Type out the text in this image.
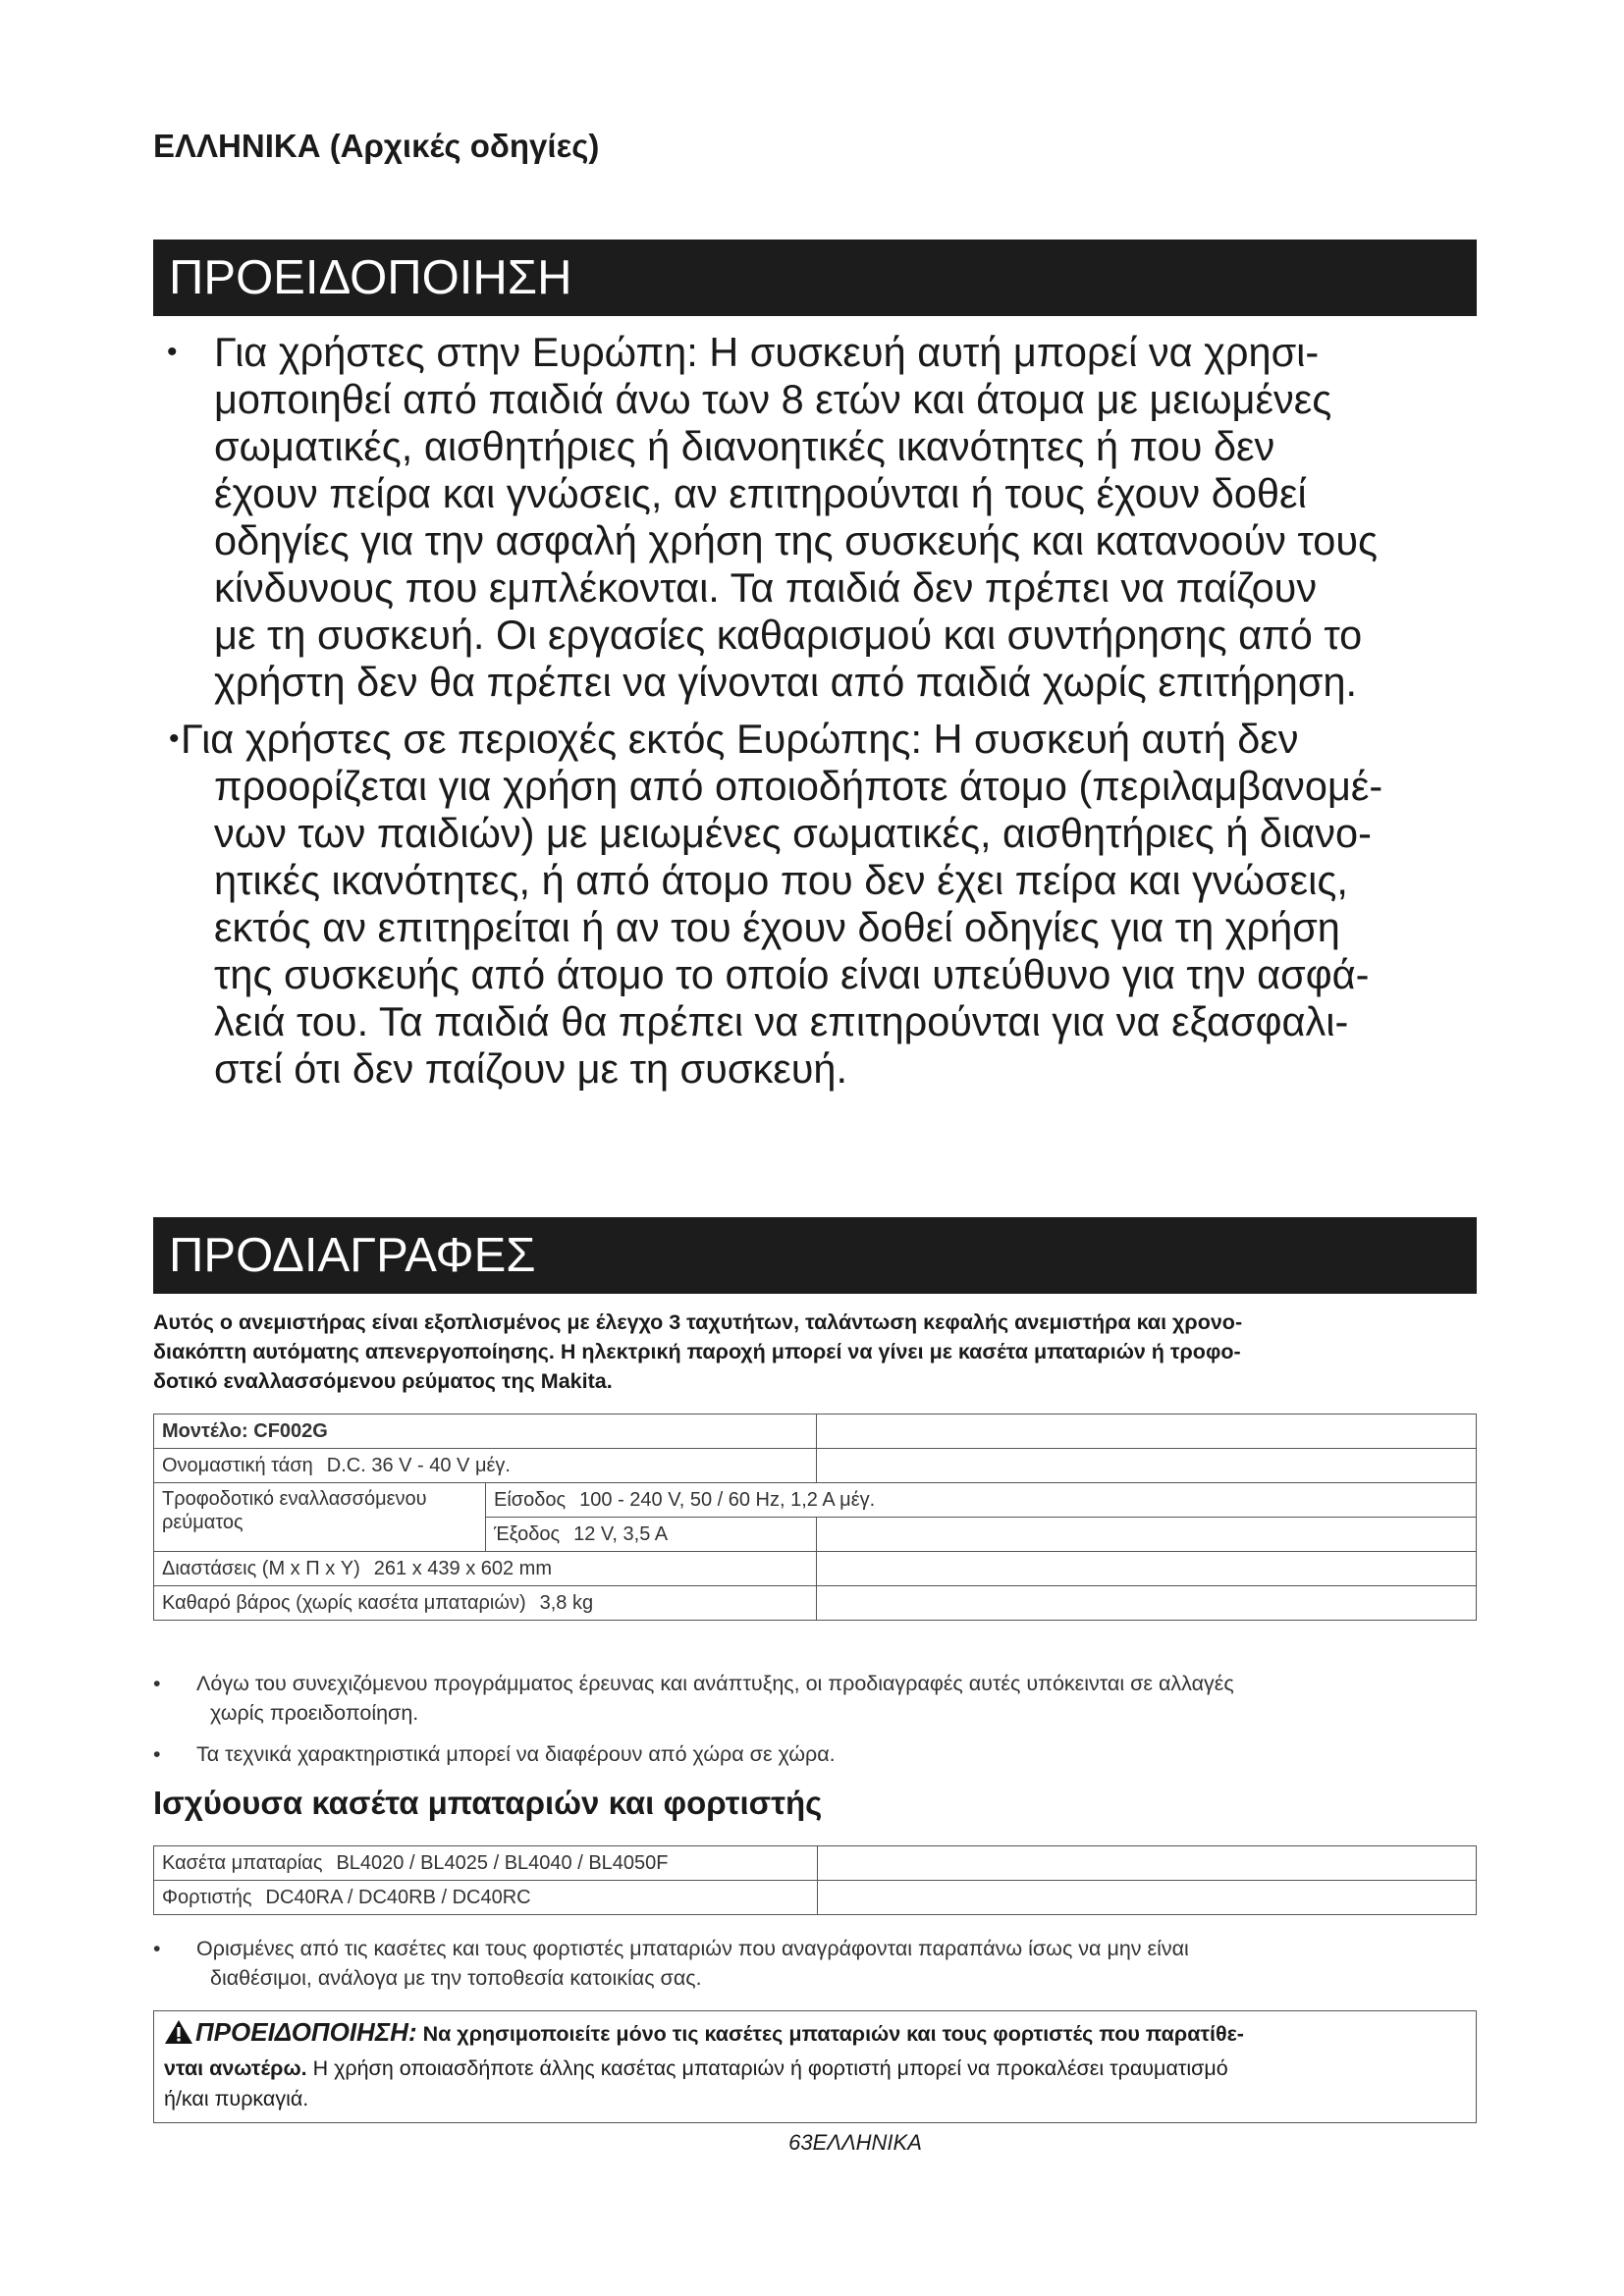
ΕΛΛΗΝΙΚΑ (Αρχικές οδηγίες)
ΠΡΟΕΙΔΟΠΟΙΗΣΗ
• Για χρήστες στην Ευρώπη: Η συσκευή αυτή μπορεί να χρησι-
μοποιηθεί από παιδιά άνω των 8 ετών και άτομα με μειωμένες
σωματικές, αισθητήριες ή διανοητικές ικανότητες ή που δεν
έχουν πείρα και γνώσεις, αν επιτηρούνται ή τους έχουν δοθεί
οδηγίες για την ασφαλή χρήση της συσκευής και κατανοούν τους
κίνδυνους που εμπλέκονται. Τα παιδιά δεν πρέπει να παίζουν
με τη συσκευή. Οι εργασίες καθαρισμού και συντήρησης από το
χρήστη δεν θα πρέπει να γίνονται από παιδιά χωρίς επιτήρηση.
• Για χρήστες σε περιοχές εκτός Ευρώπης: Η συσκευή αυτή δεν
προορίζεται για χρήση από οποιοδήποτε άτομο (περιλαμβανομέ-
νων των παιδιών) με μειωμένες σωματικές, αισθητήριες ή διανο-
ητικές ικανότητες, ή από άτομο που δεν έχει πείρα και γνώσεις,
εκτός αν επιτηρείται ή αν του έχουν δοθεί οδηγίες για τη χρήση
της συσκευής από άτομο το οποίο είναι υπεύθυνο για την ασφά-
λειά του. Τα παιδιά θα πρέπει να επιτηρούνται για να εξασφαλι-
στεί ότι δεν παίζουν με τη συσκευή.
ΠΡΟΔΙΑΓΡΑΦΕΣ
Αυτός ο ανεμιστήρας είναι εξοπλισμένος με έλεγχο 3 ταχυτήτων, ταλάντωση κεφαλής ανεμιστήρα και χρονο-
διακόπτη αυτόματης απενεργοποίησης. Η ηλεκτρική παροχή μπορεί να γίνει με κασέτα μπαταριών ή τροφο-
δοτικό εναλλασσόμενου ρεύματος της Makita.
Μοντέλο: CF002G		
Ονομαστική τάση D.C. 36 V - 40 V μέγ.		

Τροφοδοτικό εναλλασσόμενου
ρεύματος	Είσοδος 100 - 240 V, 50 / 60 Hz, 1,2 A μέγ.	
	Έξοδος 12 V, 3,5 A	
Διαστάσεις (Μ x Π x Υ) 261 x 439 x 602 mm		
Καθαρό βάρος (χωρίς κασέτα μπαταριών) 3,8 kg		
• Λόγω του συνεχιζόμενου προγράμματος έρευνας και ανάπτυξης, οι προδιαγραφές αυτές υπόκεινται σε αλλαγές
χωρίς προειδοποίηση.
• Τα τεχνικά χαρακτηριστικά μπορεί να διαφέρουν από χώρα σε χώρα.
Ισχύουσα κασέτα μπαταριών και φορτιστής
Κασέτα μπαταρίας BL4020 / BL4025 / BL4040 / BL4050F	
Φορτιστής DC40RA / DC40RB / DC40RC	
• Ορισμένες από τις κασέτες και τους φορτιστές μπαταριών που αναγράφονται παραπάνω ίσως να μην είναι
διαθέσιμοι, ανάλογα με την τοποθεσία κατοικίας σας.
ΠΡΟΕΙΔΟΠΟΙΗΣΗ: Να χρησιμοποιείτε μόνο τις κασέτες μπαταριών και τους φορτιστές που παρατίθε-
νται ανωτέρω. Η χρήση οποιασδήποτε άλλης κασέτας μπαταριών ή φορτιστή μπορεί να προκαλέσει τραυματισμό
ή/και πυρκαγιά.

63ΕΛΛΗΝΙΚΑ
